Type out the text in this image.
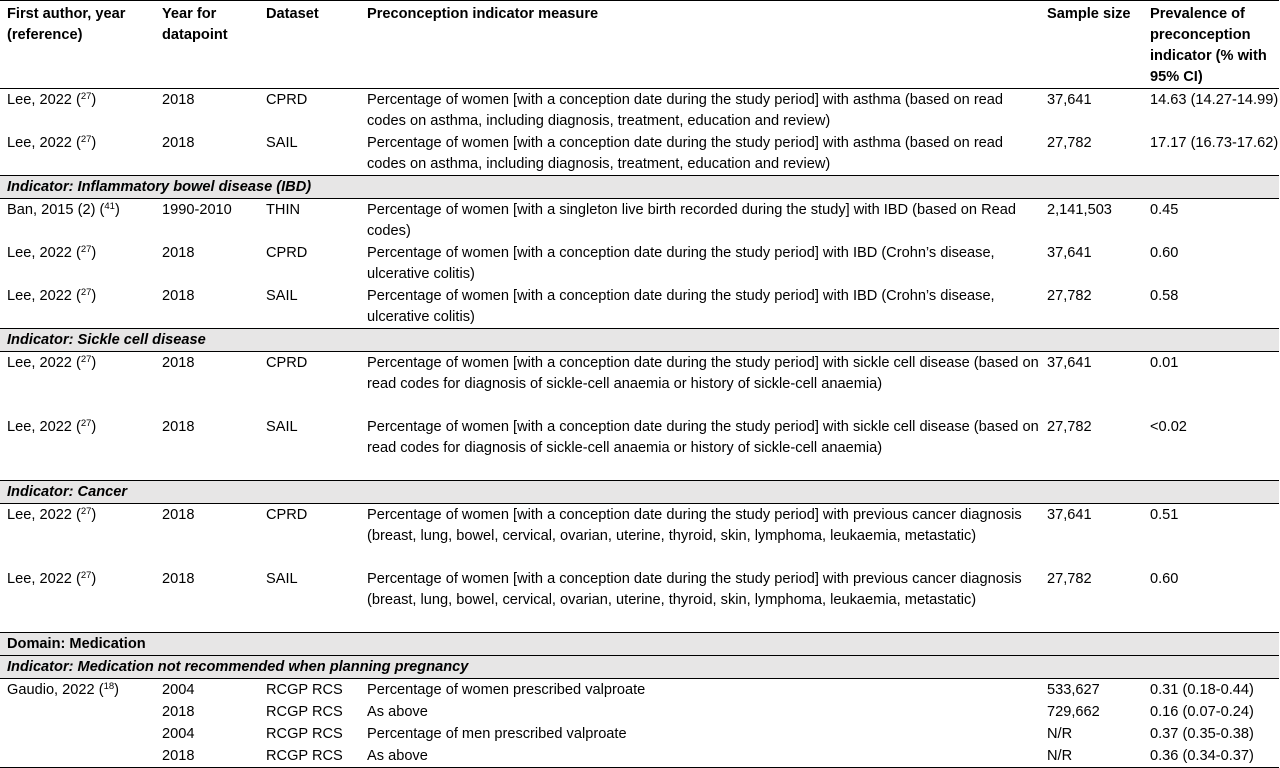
First author, year (reference)	Year for datapoint	Dataset	Preconception indicator measure	Sample size	Prevalence of preconception indicator (% with 95% CI)
Lee, 2022 ($^{27}$)	2018	CPRD	Percentage of women [with a conception date during the study period] with asthma (based on read codes on asthma, including diagnosis, treatment, education and review)	37,641	14.63 (14.27-14.99)
Lee, 2022 ($^{27}$)	2018	SAIL	Percentage of women [with a conception date during the study period] with asthma (based on read codes on asthma, including diagnosis, treatment, education and review)	27,782	17.17 (16.73-17.62)
Indicator: Inflammatory bowel disease (IBD)					
Ban, 2015 (2) ($^{41}$)	1990-2010	THIN	Percentage of women [with a singleton live birth recorded during the study] with IBD (based on Read codes)	2,141,503	0.45
Lee, 2022 ($^{27}$)	2018	CPRD	Percentage of women [with a conception date during the study period] with IBD (Crohn’s disease, ulcerative colitis)	37,641	0.60
Lee, 2022 ($^{27}$)	2018	SAIL	Percentage of women [with a conception date during the study period] with IBD (Crohn’s disease, ulcerative colitis)	27,782	0.58
Indicator: Sickle cell disease					
Lee, 2022 ($^{27}$)	2018	CPRD	Percentage of women [with a conception date during the study period] with sickle cell disease (based on read codes for diagnosis of sickle-cell anaemia or history of sickle-cell anaemia)	37,641	0.01
Lee, 2022 ($^{27}$)	2018	SAIL	Percentage of women [with a conception date during the study period] with sickle cell disease (based on read codes for diagnosis of sickle-cell anaemia or history of sickle-cell anaemia)	27,782	<0.02
Indicator: Cancer					
Lee, 2022 ($^{27}$)	2018	CPRD	Percentage of women [with a conception date during the study period] with previous cancer diagnosis (breast, lung, bowel, cervical, ovarian, uterine, thyroid, skin, lymphoma, leukaemia, metastatic)	37,641	0.51
Lee, 2022 ($^{27}$)	2018	SAIL	Percentage of women [with a conception date during the study period] with previous cancer diagnosis (breast, lung, bowel, cervical, ovarian, uterine, thyroid, skin, lymphoma, leukaemia, metastatic)	27,782	0.60
Domain: Medication					
Indicator: Medication not recommended when planning pregnancy					
Gaudio, 2022 ($^{18}$)	2004	RCGP RCS	Percentage of women prescribed valproate	533,627	0.31 (0.18-0.44)
	2018	RCGP RCS	As above	729,662	0.16 (0.07-0.24)
	2004	RCGP RCS	Percentage of men prescribed valproate	N/R	0.37 (0.35-0.38)
	2018	RCGP RCS	As above	N/R	0.36 (0.34-0.37)
